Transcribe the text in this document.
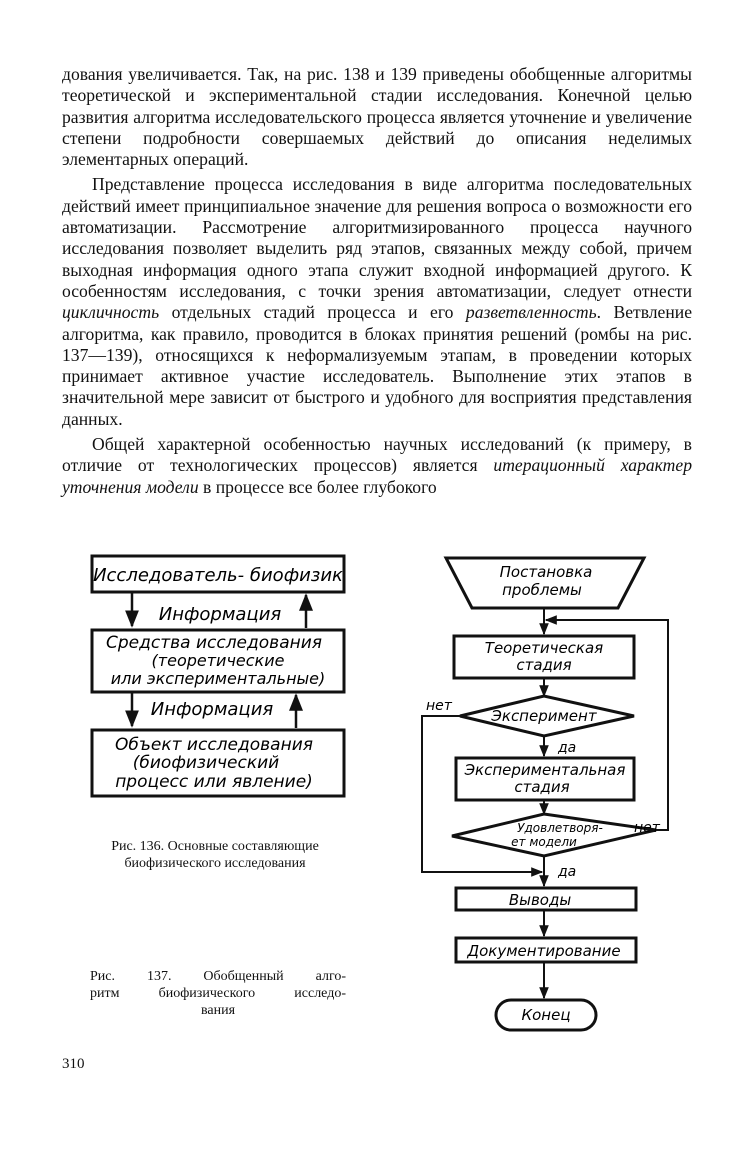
дования увеличивается. Так, на рис. 138 и 139 приведены обобщенные алгоритмы теоретической и экспериментальной стадии исследования. Конечной целью развития алгоритма исследовательского процесса является уточнение и увеличение степени подробности совершаемых действий до описания неделимых элементарных операций.

Представление процесса исследования в виде алгоритма последовательных действий имеет принципиальное значение для решения вопроса о возможности его автоматизации. Рассмотрение алгоритмизированного процесса научного исследования позволяет выделить ряд этапов, связанных между собой, причем выходная информация одного этапа служит входной информацией другого. К особенностям исследования, с точки зрения автоматизации, следует отнести цикличность отдельных стадий процесса и его разветвленность. Ветвление алгоритма, как правило, проводится в блоках принятия решений (ромбы на рис. 137—139), относящихся к неформализуемым этапам, в проведении которых принимает активное участие исследователь. Выполнение этих этапов в значительной мере зависит от быстрого и удобного для восприятия представления данных.

Общей характерной особенностью научных исследований (к примеру, в отличие от технологических процессов) является итерационный характер уточнения модели в процессе все более глубокого

Исследователь- биофизик
Информация
Средства исследования
(теоретические
или экспериментальные)
Информация
Объект исследования
(биофизический
процесс или явление)
Рис. 136. Основные составляющие
биофизического исследования
Постановка
проблемы
Теоретическая
стадия
Эксперимент
нет
да
Экспериментальная
стадия
Удовлетворя-
ет модели
нет
да
Выводы
Документирование
Конец
Рис. 137. Обобщенный алго-
ритм биофизического исследо-
вания
310
